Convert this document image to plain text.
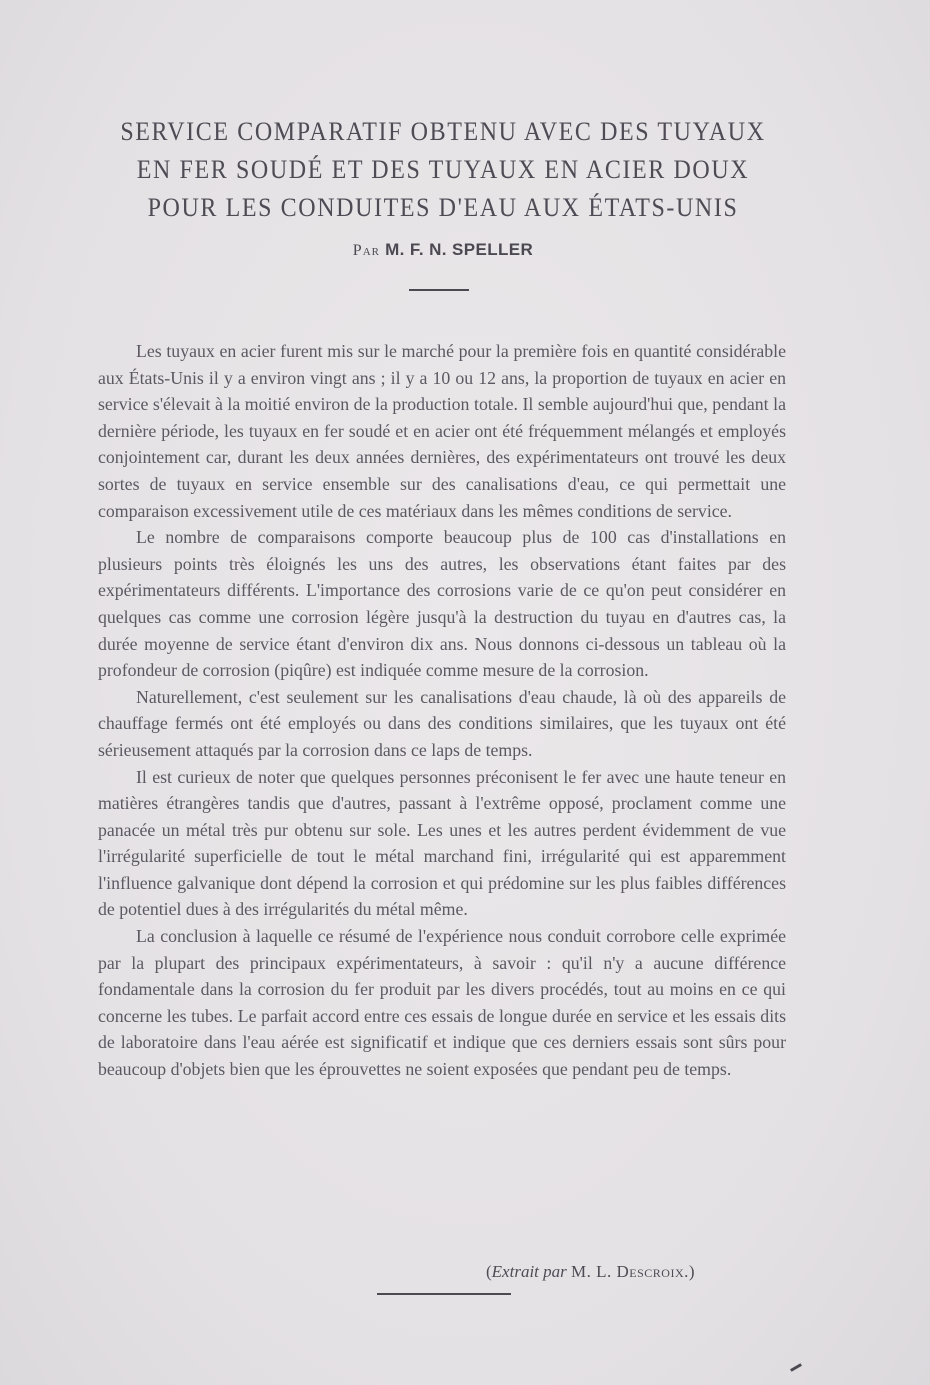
SERVICE COMPARATIF OBTENU AVEC DES TUYAUX
EN FER SOUDÉ ET DES TUYAUX EN ACIER DOUX
POUR LES CONDUITES D'EAU AUX ÉTATS-UNIS
Par M. F. N. SPELLER

Les tuyaux en acier furent mis sur le marché pour la première fois en quantité considérable aux États-Unis il y a environ vingt ans ; il y a 10 ou 12 ans, la proportion de tuyaux en acier en service s'élevait à la moitié environ de la production totale. Il semble aujourd'hui que, pendant la dernière période, les tuyaux en fer soudé et en acier ont été fréquemment mélangés et employés conjointement car, durant les deux années dernières, des expérimentateurs ont trouvé les deux sortes de tuyaux en service ensemble sur des canalisations d'eau, ce qui permettait une comparaison excessivement utile de ces matériaux dans les mêmes conditions de service.

Le nombre de comparaisons comporte beaucoup plus de 100 cas d'installations en plusieurs points très éloignés les uns des autres, les observations étant faites par des expérimentateurs différents. L'importance des corrosions varie de ce qu'on peut considérer en quelques cas comme une corrosion légère jusqu'à la destruction du tuyau en d'autres cas, la durée moyenne de service étant d'environ dix ans. Nous donnons ci-dessous un tableau où la profondeur de corrosion (piqûre) est indiquée comme mesure de la corrosion.

Naturellement, c'est seulement sur les canalisations d'eau chaude, là où des appareils de chauffage fermés ont été employés ou dans des conditions similaires, que les tuyaux ont été sérieusement attaqués par la corrosion dans ce laps de temps.

Il est curieux de noter que quelques personnes préconisent le fer avec une haute teneur en matières étrangères tandis que d'autres, passant à l'extrême opposé, proclament comme une panacée un métal très pur obtenu sur sole. Les unes et les autres perdent évidemment de vue l'irrégularité superficielle de tout le métal marchand fini, irrégularité qui est apparemment l'influence galvanique dont dépend la corrosion et qui prédomine sur les plus faibles différences de potentiel dues à des irrégularités du métal même.

La conclusion à laquelle ce résumé de l'expérience nous conduit corrobore celle exprimée par la plupart des principaux expérimentateurs, à savoir : qu'il n'y a aucune différence fondamentale dans la corrosion du fer produit par les divers procédés, tout au moins en ce qui concerne les tubes. Le parfait accord entre ces essais de longue durée en service et les essais dits de laboratoire dans l'eau aérée est significatif et indique que ces derniers essais sont sûrs pour beaucoup d'objets bien que les éprouvettes ne soient exposées que pendant peu de temps.

(Extrait par M. L. Descroix.)
